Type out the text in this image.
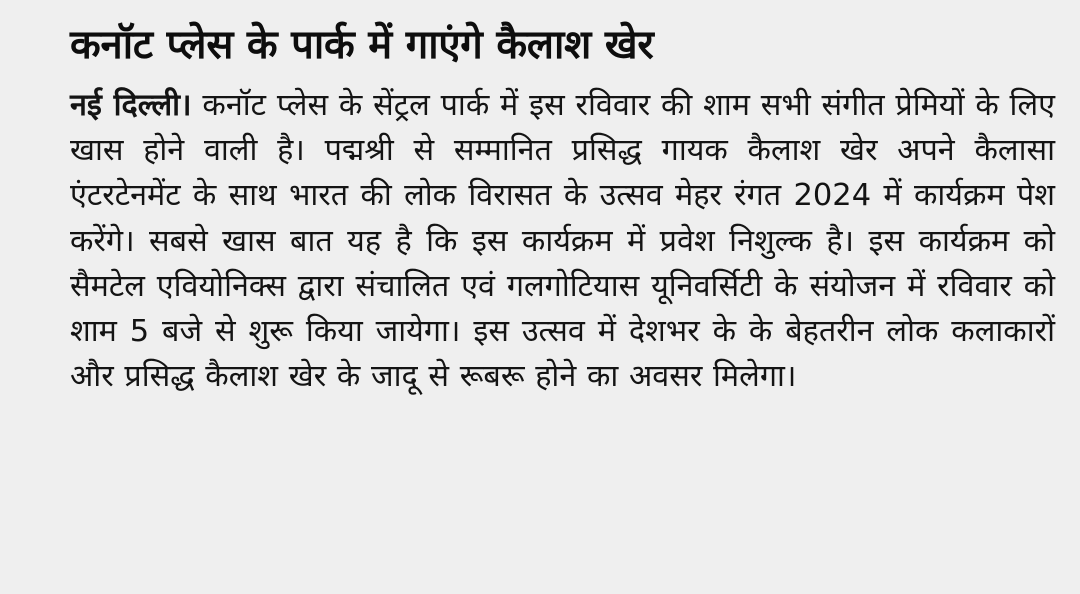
कनॉट प्लेस के पार्क में गाएंगे कैलाश खेर

नई दिल्ली। कनॉट प्लेस के सेंट्रल पार्क में इस रविवार की शाम सभी संगीत प्रेमियों के लिए खास होने वाली है। पद्मश्री से सम्मानित प्रसिद्ध गायक कैलाश खेर अपने कैलासा एंटरटेनमेंट के साथ भारत की लोक विरासत के उत्सव मेहर रंगत 2024 में कार्यक्रम पेश करेंगे। सबसे खास बात यह है कि इस कार्यक्रम में प्रवेश निशुल्क है। इस कार्यक्रम को सैमटेल एवियोनिक्स द्वारा संचालित एवं गलगोटियास यूनिवर्सिटी के संयोजन में रविवार को शाम 5 बजे से शुरू किया जायेगा। इस उत्सव में देशभर के के बेहतरीन लोक कलाकारों और प्रसिद्ध कैलाश खेर के जादू से रूबरू होने का अवसर मिलेगा।
